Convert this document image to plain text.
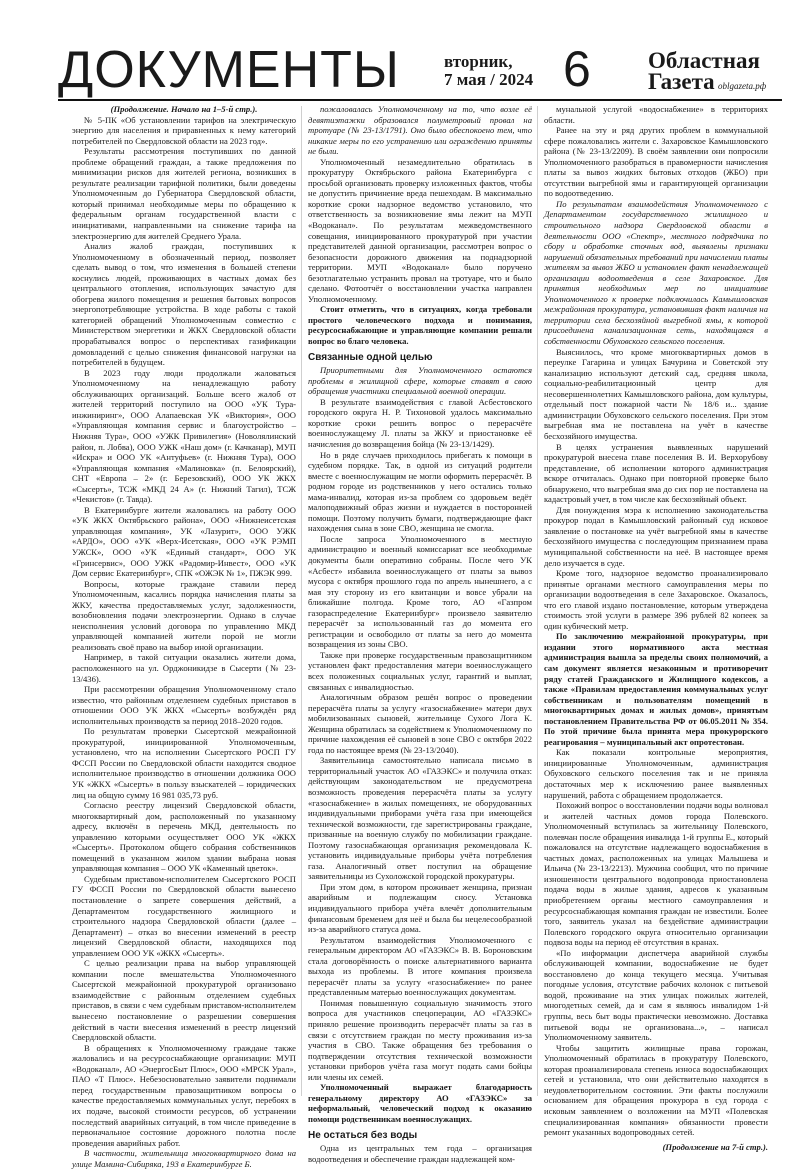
ДОКУМЕНТЫ	вторник,
7 мая / 2024 6 Областная
Газета oblgazeta.рф

(Продолжение. Начало на 1–5-й стр.).

№ 5-ПК «Об установлении тарифов на электрическую энергию для населения и приравненных к нему категорий потребителей по Свердловской области на 2023 год».

Результаты рассмотрения поступивших по данной проблеме обращений граждан, а также предложения по минимизации рисков для жителей региона, возникших в результате реализации тарифной политики, были доведены Уполномоченным до Губернатора Свердловской области, который принимал необходимые меры по обращению к федеральным органам государственной власти с инициативами, направленными на снижение тарифа на электроэнергию для жителей Среднего Урала.

Анализ жалоб граждан, поступивших к Уполномоченному в обозначенный период, позволяет сделать вывод о том, что изменения в большей степени коснулись людей, проживающих в частных домах без центрального отопления, использующих зачастую для обогрева жилого помещения и решения бытовых вопросов энергопотребляющие устройства. В ходе работы с такой категорией обращений Уполномоченным совместно с Министерством энергетики и ЖКХ Свердловской области прорабатывался вопрос о перспективах газификации домовладений с целью снижения финансовой нагрузки на потребителей в будущем.

В 2023 году люди продолжали жаловаться Уполномоченному на ненадлежащую работу обслуживающих организаций. Больше всего жалоб от жителей территорий поступило на ООО «УК Тура-инжиниринг», ООО Алапаевская УК «Виктория», ООО «Управляющая компания сервис и благоустройство – Нижняя Тура», ООО «УЖК Привилегия» (Новолялинский район, п. Лобва), ООО УЖК «Наш дом» (г. Качканар), МУП «Искра» и ООО УК «Антуфьев» (г. Нижняя Тура), ООО «Управляющая компания «Малиновка» (п. Белоярский), СНТ «Европа – 2» (г. Березовский), ООО УК ЖКХ «Сысерть», ТСЖ «МКД 24 А» (г. Нижний Тагил), ТСЖ «Чекистов» (г. Тавда).

В Екатеринбурге жители жаловались на работу ООО «УК ЖКХ Октябрьского района», ООО «Нижнеисетская управляющая компания», УК «Лазурит», ООО УЖК «АРДО», ООО «УК «Верх-Исетская», ООО «УК РЭМП УЖСК», ООО «УК «Единый стандарт», ООО УК «Гринсервис», ООО УЖК «Радомир-Инвест», ООО «УК Дом сервис Екатеринбург», СПК «ОЖЭК № 1», ПЖЭК 999.

Вопросы, которые граждане ставили перед Уполномоченным, касались порядка начисления платы за ЖКУ, качества предоставляемых услуг, задолженности, возобновления подачи электроэнергии. Однако в случае неисполнения условий договора по управлению МКД управляющей компанией жители порой не могли реализовать своё право на выбор иной организации.

Например, в такой ситуации оказались жители дома, расположенного на ул. Орджоникидзе в Сысерти (№ 23-13/436).

При рассмотрении обращения Уполномоченному стало известно, что районным отделением судебных приставов в отношении ООО УК ЖКХ «Сысерть» возбуждён ряд исполнительных производств за период 2018–2020 годов.

По результатам проверки Сысертской межрайонной прокуратурой, инициированной Уполномоченным, установлено, что на исполнении Сысертского РОСП ГУ ФССП России по Свердловской области находится сводное исполнительное производство в отношении должника ООО УК «ЖКХ «Сысерть» в пользу взыскателей – юридических лиц на общую сумму 16 981 035,73 руб.

Согласно реестру лицензий Свердловской области, многоквартирный дом, расположенный по указанному адресу, включён в перечень МКД, деятельность по управлению которыми осуществляет ООО УК «ЖКХ «Сысерть». Протоколом общего собрания собственников помещений в указанном жилом здании выбрана новая управляющая компания – ООО УК «Каменный цветок».

Судебным приставом-исполнителем Сысертского РОСП ГУ ФССП России по Свердловской области вынесено постановление о запрете совершения действий, а Департаментом государственного жилищного и строительного надзора Свердловской области (далее – Департамент) – отказ во внесении изменений в реестр лицензий Свердловской области, находящихся под управлением ООО УК «ЖКХ «Сысерть».

С целью реализации права на выбор управляющей компании после вмешательства Уполномоченного Сысертской межрайонной прокуратурой организовано взаимодействие с районным отделением судебных приставов, в связи с чем судебным приставом-исполнителем вынесено постановление о разрешении совершения действий в части внесения изменений в реестр лицензий Свердловской области.

В обращениях к Уполномоченному граждане также жаловались и на ресурсоснабжающие организации: МУП «Водоканал», АО «ЭнергосБыт Плюс», ООО «МРСК Урал», ПАО «Т Плюс». Небезосновательно заявители поднимали перед государственным правозащитником вопросы о качестве предоставляемых коммунальных услуг, перебоях в их подаче, высокой стоимости ресурсов, об устранении последствий аварийных ситуаций, в том числе приведение в первоначальное состояние дорожного полотна после проведения аварийных работ.

В частности, жительница многоквартирного дома на улице Мамина-Сибиряка, 193 в Екатеринбурге Б.

пожаловалась Уполномоченному на то, что возле её девятиэтажки образовался полуметровый провал на тротуаре (№ 23-13/1791). Оно было обеспокоено тем, что никакие меры по его устранению или ограждению приняты не были.

Уполномоченный незамедлительно обратилась в прокуратуру Октябрьского района Екатеринбурга с просьбой организовать проверку изложенных фактов, чтобы не допустить причинение вреда пешеходам. В максимально короткие сроки надзорное ведомство установило, что ответственность за возникновение ямы лежит на МУП «Водоканал». По результатам межведомственного совещания, инициированного прокуратурой при участии представителей данной организации, рассмотрен вопрос о безопасности дорожного движения на поднадзорной территории. МУП «Водоканал» было поручено безотлагательно устранить провал на тротуаре, что и было сделано. Фотоотчёт о восстановлении участка направлен Уполномоченному.

Стоит отметить, что в ситуациях, когда требовали простого человеческого подхода и понимания, ресурсоснабжающие и управляющие компании решали вопрос во благо человека.

Связанные одной целью

Приоритетными для Уполномоченного остаются проблемы в жилищной сфере, которые ставят в свою обращения участники специальной военной операции.

В результате взаимодействия с главой Асбестовского городского округа Н. Р. Тихоновой удалось максимально короткие сроки решить вопрос о перерасчёте военнослужащему Л. платы за ЖКУ и приостановке её начисления до возвращения бойца (№ 23-13/1429).

Но в ряде случаев приходилось прибегать к помощи в судебном порядке. Так, в одной из ситуаций родители вместе с военнослужащим не могли оформить перерасчёт. В родном городе из родственников у него остались только мама-инвалид, которая из-за проблем со здоровьем ведёт малоподвижный образ жизни и нуждается в посторонней помощи. Поэтому получить бумаги, подтверждающие факт нахождения сына в зоне СВО, женщина не смогла.

После запроса Уполномоченного в местную администрацию и военный комиссариат все необходимые документы были оперативно собраны. После чего УК «Асбест» избавила военнослужащего от платы за вывоз мусора с октября прошлого года по апрель нынешнего, а с мая эту сторону из его квитанции и вовсе убрали на ближайшие полгода. Кроме того, АО «Газпром газораспределение Екатеринбург» произвело заявителю перерасчёт за использованный газ до момента его регистрации и освободило от платы за него до момента возвращения из зоны СВО.

Также при проверке государственным правозащитником установлен факт предоставления матери военнослужащего всех положенных социальных услуг, гарантий и выплат, связанных с инвалидностью.

Аналогичным образом решён вопрос о проведении перерасчёта платы за услугу «газоснабжение» матери двух мобилизованных сыновей, жительнице Сухого Лога К. Женщина обратилась за содействием к Уполномоченному по причине нахождения её сыновей в зоне СВО с октября 2022 года по настоящее время (№ 23-13/2040).

Заявительница самостоятельно написала письмо в территориальный участок АО «ГАЗЭКС» и получила отказ: действующим законодательством не предусмотрена возможность проведения перерасчёта платы за услугу «газоснабжение» в жилых помещениях, не оборудованных индивидуальными приборами учёта газа при имеющейся технической возможности, где зарегистрированы граждане, призванные на военную службу по мобилизации граждане. Поэтому газоснабжающая организация рекомендовала К. установить индивидуальные приборы учёта потребления газа. Аналогичный ответ поступил на обращение заявительницы из Сухоложской городской прокуратуры.

При этом дом, в котором проживает женщина, признан аварийным и подлежащим сносу. Установка индивидуального прибора учёта влечёт дополнительным финансовым бременем для неё и была бы нецелесообразной из-за аварийного статуса дома.

Результатом взаимодействия Уполномоченного с генеральным директором АО «ГАЗЭКС» В. В. Бороновским стала договорённость о поиске альтернативного варианта выхода из проблемы. В итоге компания произвела перерасчёт платы за услугу «газоснабжение» по ранее представленным матерью военнослужащих документам.

Понимая повышенную социальную значимость этого вопроса для участников спецоперации, АО «ГАЗЭКС» приняло решение производить перерасчёт платы за газ в связи с отсутствием граждан по месту проживания из-за участия в СВО. Также обращения без требования о подтверждении отсутствия технической возможности установки приборов учёта газа могут подать сами бойцы или члены их семей.

Уполномоченный выражает благодарность генеральному директору АО «ГАЗЭКС» за неформальный, человеческий подход к оказанию помощи родственникам военнослужащих.

Не остаться без воды

Одна из центральных тем года – организация водоотведения и обеспечение граждан надлежащей ком-

мунальной услугой «водоснабжение» в территориях области.

Ранее на эту и ряд других проблем в коммунальной сфере пожаловались жители с. Захаровское Камышловского района (№ 23-13/2209). В своём заявлении они попросили Уполномоченного разобраться в правомерности начисления платы за вывоз жидких бытовых отходов (ЖБО) при отсутствии выгребной ямы и гарантирующей организации по водоотведению.

По результатам взаимодействия Уполномоченного с Департаментом государственного жилищного и строительного надзора Свердловской области в деятельности ООО «Спектр», местного подрядчика по сбору и обработке сточных вод, выявлены признаки нарушений обязательных требований при начислении платы жителям за вывоз ЖБО и установлен факт ненадлежащей организации водоотведения в селе Захаровское. Для принятия необходимых мер по инициативе Уполномоченного к проверке подключилась Камышловская межрайонная прокуратура, установившая факт наличия на территории села бесхозяйной выгребной ямы, к которой присоединена канализационная сеть, находящаяся в собственности Обуховского сельского поселения.

Выяснилось, что кроме многоквартирных домов в переулке Гагарина и улицах Бачурина и Советской эту канализацию используют детский сад, средняя школа, социально-реабилитационный центр для несовершеннолетних Камышловского района, дом культуры, отдельный пост пожарной части № 18/6 и... здание администрации Обуховского сельского поселения. При этом выгребная яма не поставлена на учёт в качестве бесхозяйного имущества.

В целях устранения выявленных нарушений прокуратурой внесена главе поселения В. И. Верхорубову представление, об исполнении которого администрация вскоре отчиталась. Однако при повторной проверке было обнаружено, что выгребная яма до сих пор не поставлена на кадастровый учет, в том числе как бесхозяйный объект.

Для понуждения мэра к исполнению законодательства прокурор подал в Камышловский районный суд исковое заявление о постановке на учёт выгребной ямы в качестве бесхозяйного имущества с последующим признанием права муниципальной собственности на неё. В настоящее время дело изучается в суде.

Кроме того, надзорное ведомство проанализировало принятые органами местного самоуправления меры по организации водоотведения в селе Захаровское. Оказалось, что его главой издано постановление, которым утверждена стоимость этой услуги в размере 396 рублей 82 копеек за один кубический метр.

По заключению межрайонной прокуратуры, при издании этого нормативного акта местная администрация вышла за пределы своих полномочий, а сам документ является незаконным и противоречит ряду статей Гражданского и Жилищного кодексов, а также «Правилам предоставления коммунальных услуг собственникам и пользователям помещений в многоквартирных домах и жилых домов», принятым постановлением Правительства РФ от 06.05.2011 № 354. По этой причине была принята мера прокурорского реагирования – муниципальный акт опротестован.

Как показали контрольные мероприятия, инициированные Уполномоченным, администрация Обуховского сельского поселения так и не приняла достаточных мер к исключению ранее выявленных нарушений, работа с обращением продолжается.

Похожий вопрос о восстановлении подачи воды волновал и жителей частных домов города Полевского. Уполномоченный вступилась за жительницу Полевского, полевчан после обращения инвалида 1-й группы Е., который пожаловался на отсутствие надлежащего водоснабжения в частных домах, расположенных на улицах Малышева и Ильича (№ 23-13/2213). Мужчина сообщил, что по причине изношенности центрального водопровода приостановлена подача воды в жилые здания, адресов к указанным приобретением органы местного самоуправления и ресурсоснабжающая компания граждан не известили. Более того, заявитель указал на бездействие администрации Полевского городского округа относительно организации подвоза воды на период её отсутствия в кранах.

«По информации диспетчера аварийной службы обслуживающей компании, водоснабжение не будет восстановлено до конца текущего месяца. Учитывая погодные условия, отсутствие рабочих колонок с питьевой водой, проживание на этих улицах пожилых жителей, многодетных семей, да и сам я являюсь инвалидом 1-й группы, весь быт воды практически невозможно. Доставка питьевой воды не организована...», – написал Уполномоченному заявитель.

Чтобы защитить жилищные права горожан, Уполномоченный обратилась в прокуратуру Полевского, которая проанализировала степень износа водоснабжающих сетей и установила, что они действительно находятся в неудовлетворительном состоянии. Эти факты послужили основанием для обращения прокурора в суд города с исковым заявлением о возложении на МУП «Полевская специализированная компания» обязанности провести ремонт указанных водопроводных сетей.

(Продолжение на 7-й стр.).
